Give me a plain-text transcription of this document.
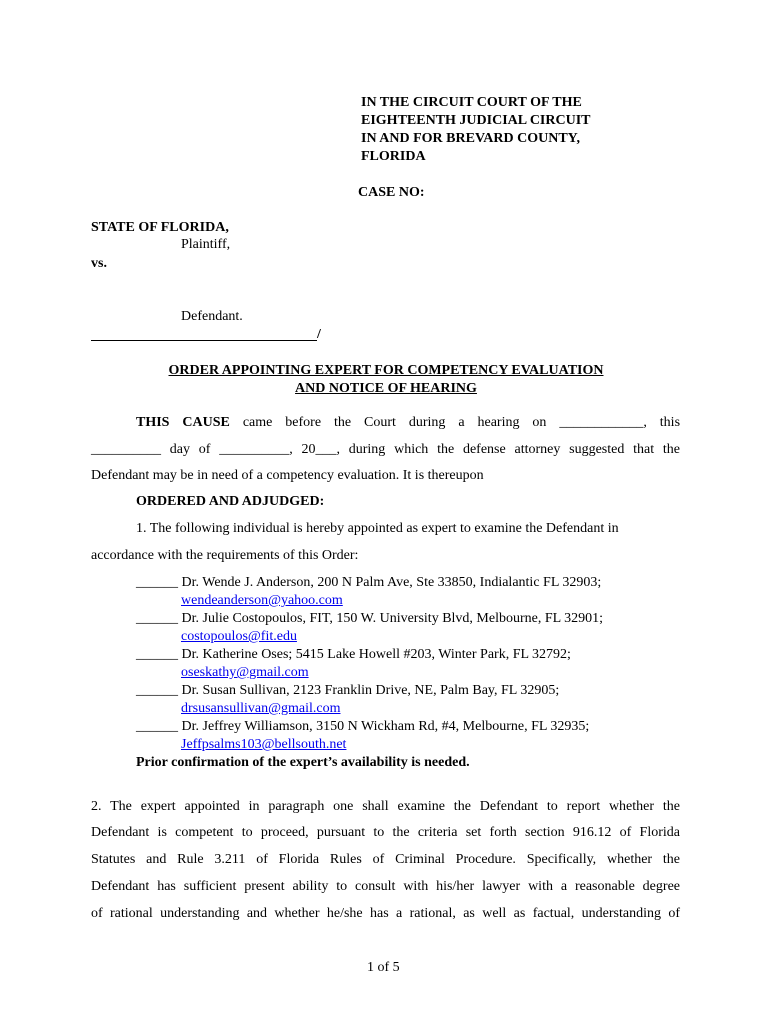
IN THE CIRCUIT COURT OF THE
EIGHTEENTH JUDICIAL CIRCUIT
IN AND FOR BREVARD COUNTY,
FLORIDA
CASE NO:
STATE OF FLORIDA,
Plaintiff,
vs.
Defendant.
/
ORDER APPOINTING EXPERT FOR COMPETENCY EVALUATION
AND NOTICE OF HEARING
THIS CAUSE came before the Court during a hearing on ____________, this
__________ day of __________, 20___, during which the defense attorney suggested that the
Defendant may be in need of a competency evaluation. It is thereupon
ORDERED AND ADJUDGED:
1. The following individual is hereby appointed as expert to examine the Defendant in
accordance with the requirements of this Order:
______ Dr. Wende J. Anderson, 200 N Palm Ave, Ste 33850, Indialantic FL 32903;
wendeanderson@yahoo.com
______ Dr. Julie Costopoulos, FIT, 150 W. University Blvd, Melbourne, FL 32901;
costopoulos@fit.edu
______ Dr. Katherine Oses; 5415 Lake Howell #203, Winter Park, FL 32792;
oseskathy@gmail.com
______ Dr. Susan Sullivan, 2123 Franklin Drive, NE, Palm Bay, FL 32905;
drsusansullivan@gmail.com
______ Dr. Jeffrey Williamson, 3150 N Wickham Rd, #4, Melbourne, FL 32935;
Jeffpsalms103@bellsouth.net
Prior confirmation of the expert’s availability is needed.
2. The expert appointed in paragraph one shall examine the Defendant to report whether the
Defendant is competent to proceed, pursuant to the criteria set forth section 916.12 of Florida
Statutes and Rule 3.211 of Florida Rules of Criminal Procedure. Specifically, whether the
Defendant has sufficient present ability to consult with his/her lawyer with a reasonable degree
of rational understanding and whether he/she has a rational, as well as factual, understanding of
1 of 5
